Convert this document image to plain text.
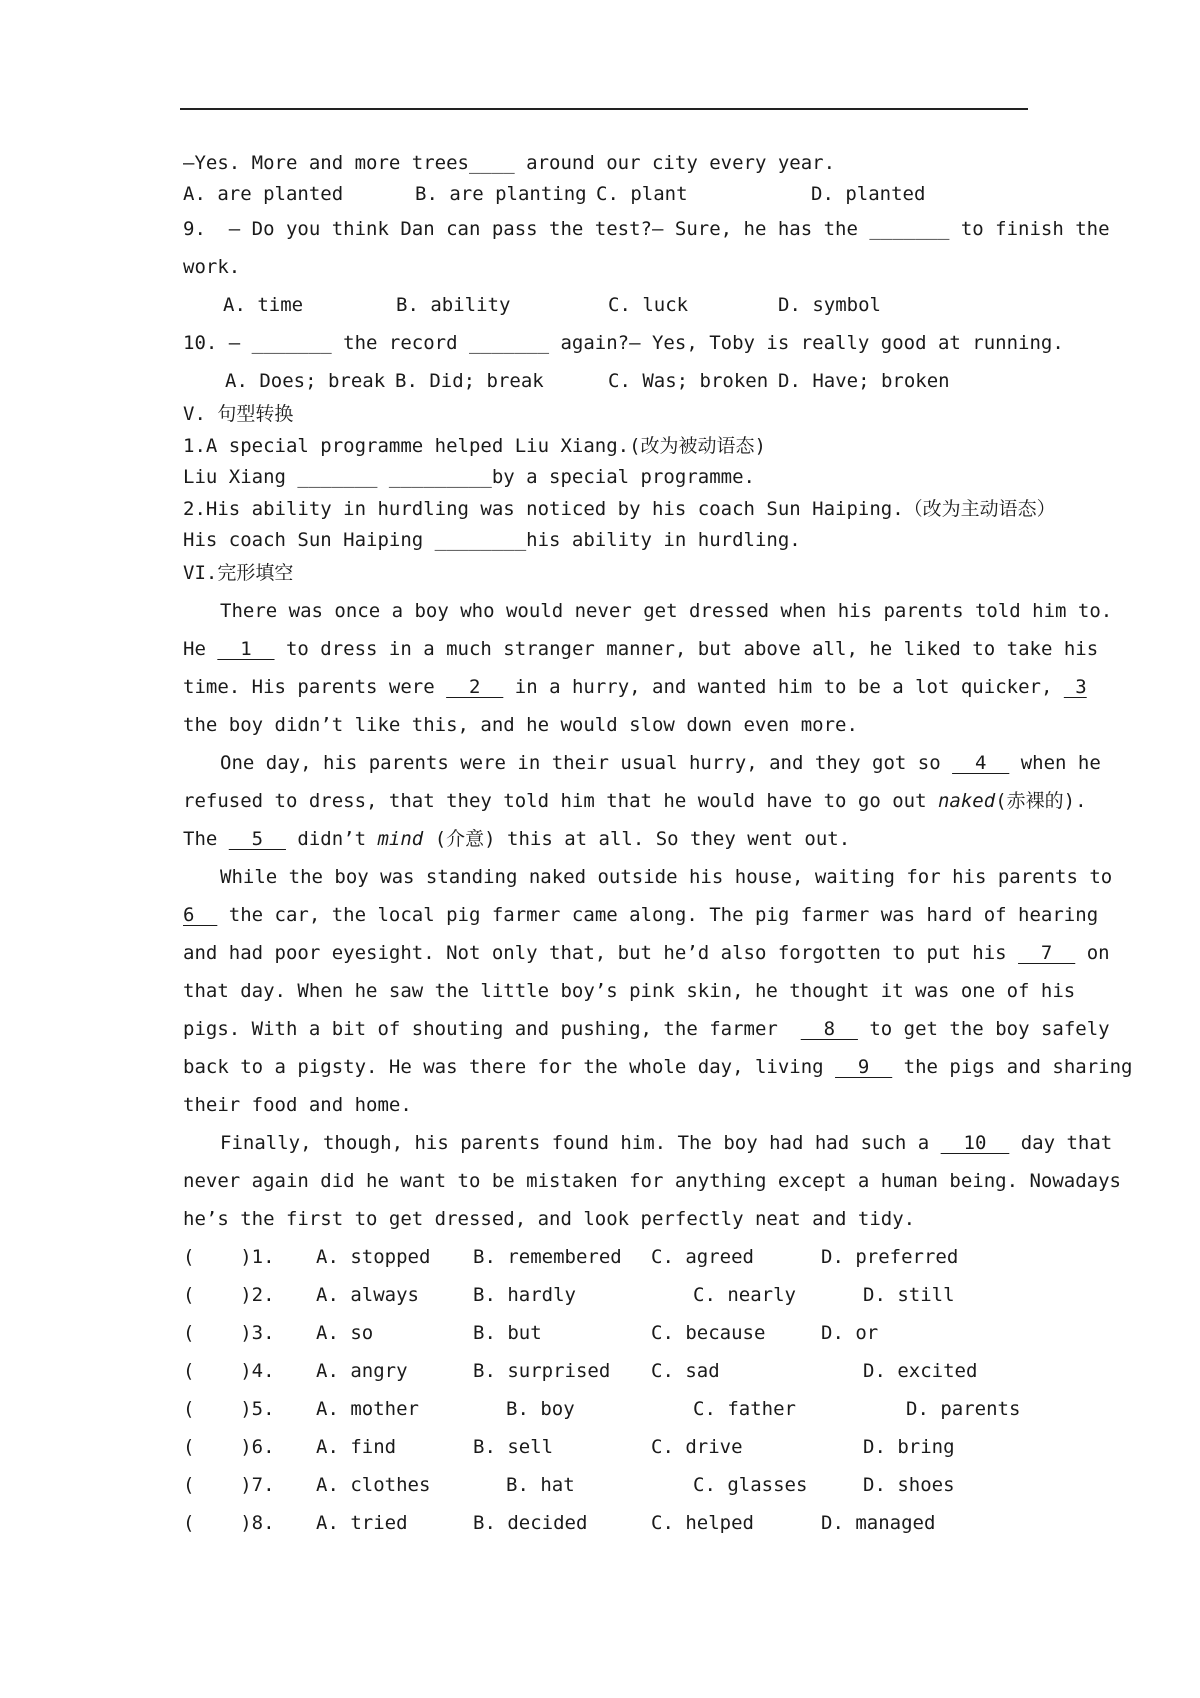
—Yes. More and more trees____ around our city every year.
A. are planted	B. are planting C. plant	D. planted
9.  — Do you think Dan can pass the test?— Sure, he has the _______ to finish the
work.
A. time	B. ability	C. luck	D. symbol
10. — _______ the record _______ again?— Yes, Toby is really good at running.
A. Does; break B. Did; break	C. Was; broken D. Have; broken
V. 句型转换
1.A special programme helped Liu Xiang.(改为被动语态)
Liu Xiang _______ _________by a special programme.
2.His ability in hurdling was noticed by his coach Sun Haiping.（改为主动语态）
His coach Sun Haiping ________his ability in hurdling.
VI.完形填空
There was once a boy who would never get dressed when his parents told him to.
He 1 to dress in a much stranger manner, but above all, he liked to take his
time. His parents were 2 in a hurry, and wanted him to be a lot quicker, 3
the boy didn’t like this, and he would slow down even more.
One day, his parents were in their usual hurry, and they got so   4   when he
refused to dress, that they told him that he would have to go out naked(赤裸的).
The   5   didn’t mind (介意) this at all. So they went out.
While the boy was standing naked outside his house, waiting for his parents to
6   the car, the local pig farmer came along. The pig farmer was hard of hearing
and had poor eyesight. Not only that, but he’d also forgotten to put his   7   on
that day. When he saw the little boy’s pink skin, he thought it was one of his
pigs. With a bit of shouting and pushing, the farmer    8   to get the boy safely
back to a pigsty. He was there for the whole day, living   9   the pigs and sharing
their food and home.
Finally, though, his parents found him. The boy had had such a   10   day that
never again did he want to be mistaken for anything except a human being. Nowadays
he’s the first to get dressed, and look perfectly neat and tidy.
(    )1. A. stopped B. remembered C. agreed	D. preferred
(    )2. A. always	B. hardly	C. nearly	D. still
(    )3. A. so	B. but	C. because	D. or
(    )4. A. angry	B. surprised C. sad	D. excited
(    )5. A. mother	B. boy	C. father	D. parents
(    )6. A. find	B. sell	C. drive	D. bring
(    )7. A. clothes	B. hat	C. glasses	D. shoes
(    )8. A. tried	B. decided	C. helped	D. managed
